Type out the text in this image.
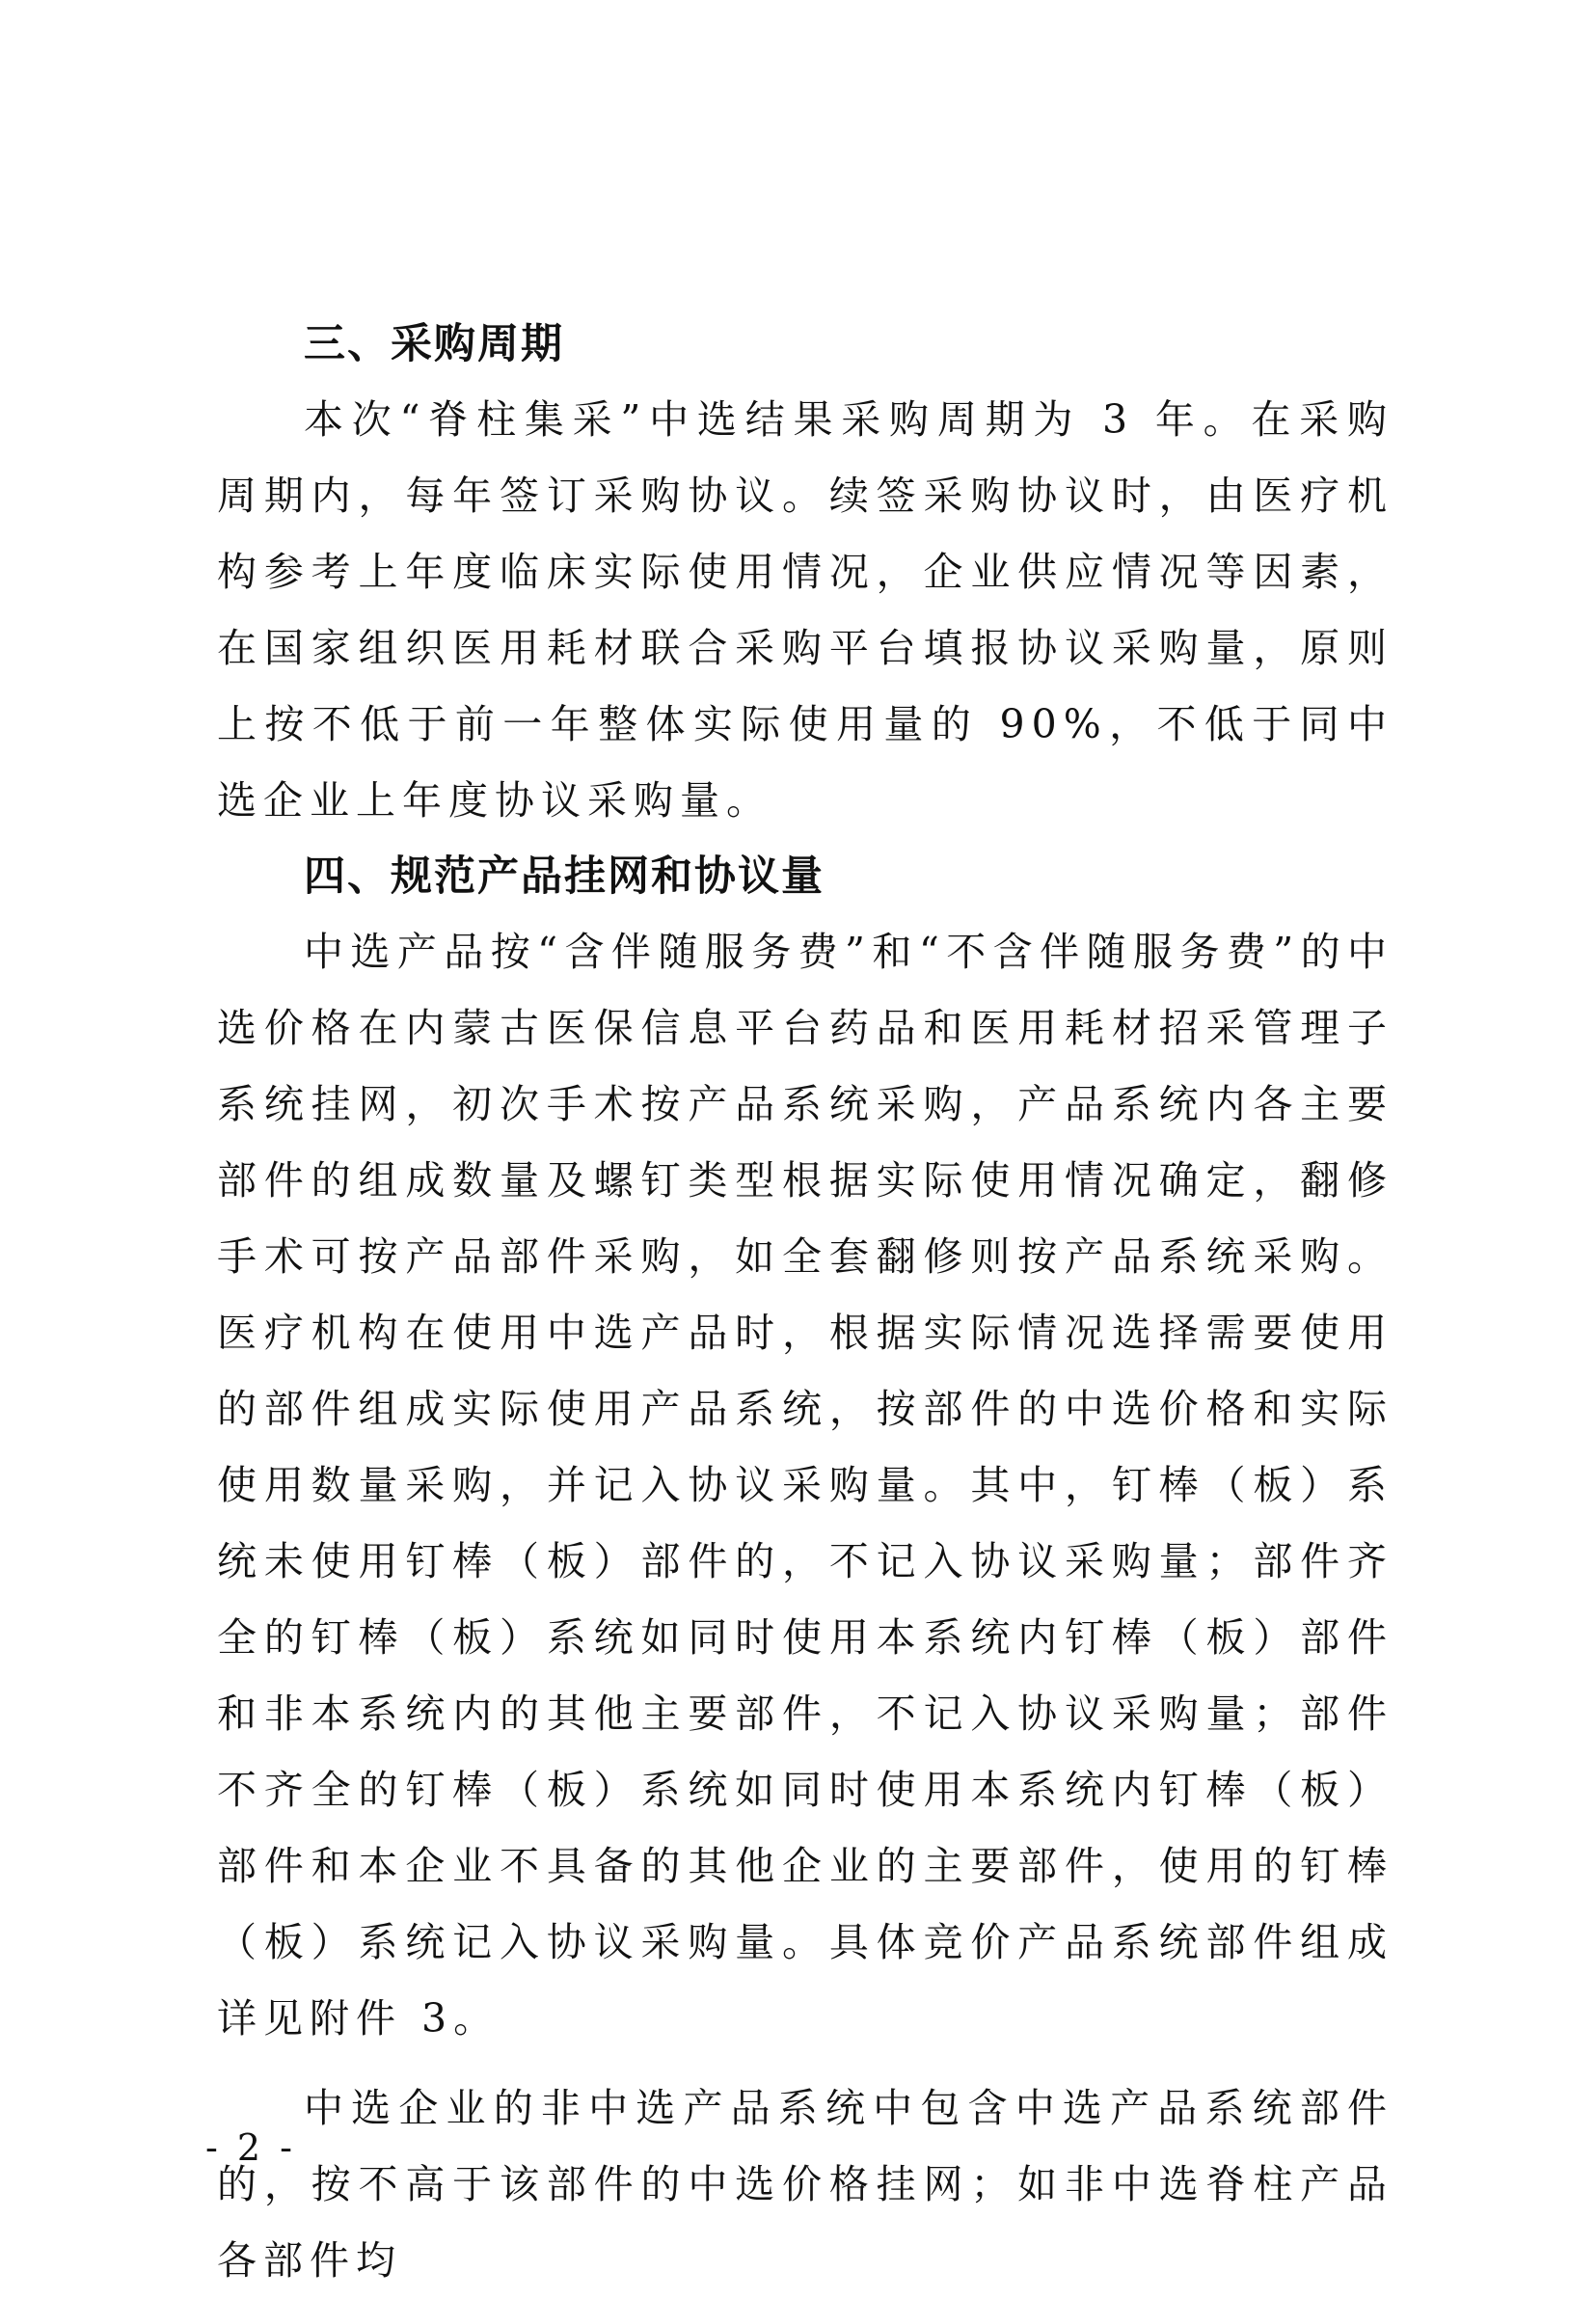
三、采购周期

本次“脊柱集采”中选结果采购周期为 3 年。在采购周期内，每年签订采购协议。续签采购协议时，由医疗机构参考上年度临床实际使用情况，企业供应情况等因素，在国家组织医用耗材联合采购平台填报协议采购量，原则上按不低于前一年整体实际使用量的 90%，不低于同中选企业上年度协议采购量。

四、规范产品挂网和协议量

中选产品按“含伴随服务费”和“不含伴随服务费”的中选价格在内蒙古医保信息平台药品和医用耗材招采管理子系统挂网，初次手术按产品系统采购，产品系统内各主要部件的组成数量及螺钉类型根据实际使用情况确定，翻修手术可按产品部件采购，如全套翻修则按产品系统采购。医疗机构在使用中选产品时，根据实际情况选择需要使用的部件组成实际使用产品系统，按部件的中选价格和实际使用数量采购，并记入协议采购量。其中，钉棒（板）系统未使用钉棒（板）部件的，不记入协议采购量；部件齐全的钉棒（板）系统如同时使用本系统内钉棒（板）部件和非本系统内的其他主要部件，不记入协议采购量；部件不齐全的钉棒（板）系统如同时使用本系统内钉棒（板）部件和本企业不具备的其他企业的主要部件，使用的钉棒（板）系统记入协议采购量。具体竞价产品系统部件组成详见附件 3。

中选企业的非中选产品系统中包含中选产品系统部件的，按不高于该部件的中选价格挂网；如非中选脊柱产品各部件均

- 2 -
